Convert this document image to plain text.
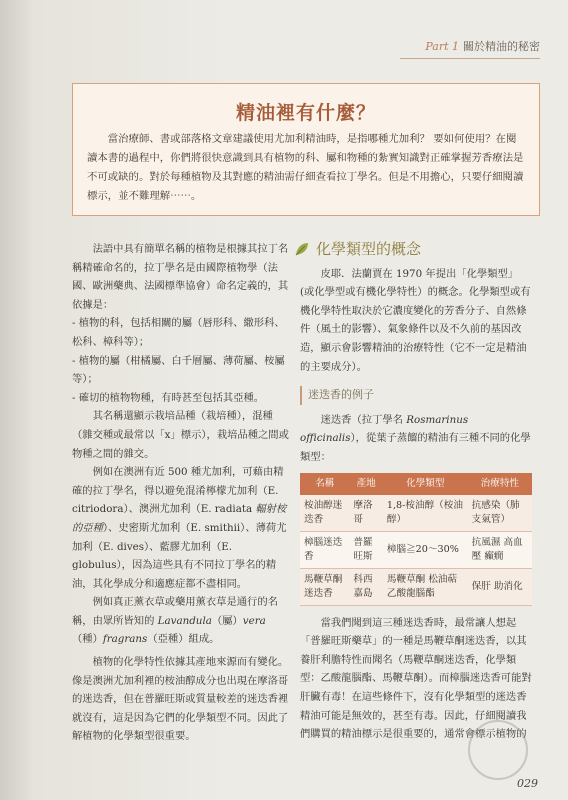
Part 1 關於精油的秘密
精油裡有什麼？
當治療師、書或部落格文章建議使用尤加利精油時，是指哪種尤加利？ 要如何使用？在閱讀本書的過程中，你們將很快意識到具有植物的科、屬和物種的紮實知識對正確掌握芳香療法是不可或缺的。對於每種植物及其對應的精油需仔細查看拉丁學名。但是不用擔心，只要仔細閱讀標示，並不難理解⋯⋯。

法語中具有簡單名稱的植物是根據其拉丁名稱精確命名的，拉丁學名是由國際植物學（法國、歐洲藥典、法國標準協會）命名定義的，其依據是：

- 植物的科，包括相關的屬（唇形科、繖形科、松科、樟科等）；

- 植物的屬（柑橘屬、白千層屬、薄荷屬、桉屬等）；

- 確切的植物物種，有時甚至包括其亞種。

其名稱還顯示栽培品種（栽培種），混種（雜交種或最常以「x」標示），栽培品種之間或物種之間的雜交。

例如在澳洲有近 500 種尤加利，可藉由精確的拉丁學名，得以避免混淆檸檬尤加利（E. citriodora）、澳洲尤加利（E. radiata 輻射桉的亞種）、史密斯尤加利（E. smithii）、薄荷尤加利（E. dives）、藍膠尤加利（E. globulus），因為這些具有不同拉丁學名的精油，其化學成分和適應症都不盡相同。

例如真正薰衣草或藥用薰衣草是通行的名稱，由眾所皆知的 Lavandula（屬）vera（種）fragrans（亞種）組成。

植物的化學特性依據其產地來源而有變化。像是澳洲尤加利裡的桉油醇成分也出現在摩洛哥的迷迭香，但在普羅旺斯或質量較差的迷迭香裡就沒有，這是因為它們的化學類型不同。因此了解植物的化學類型很重要。

化學類型的概念

皮耶．法蘭賈在 1970 年提出「化學類型」(或化學型或有機化學特性）的概念。化學類型或有機化學特性取決於它濃度變化的芳香分子、自然條件（風土的影響）、氣象條件以及不久前的基因改造，顯示會影響精油的治療特性（它不一定是精油的主要成分）。

迷迭香的例子

迷迭香（拉丁學名 Rosmarinus officinalis），從葉子蒸餾的精油有三種不同的化學類型：

名稱	產地	化學類型	治療特性
桉油醇迷迭香	摩洛哥	1,8-桉油醇（桉油醇）	抗感染（肺支氣管）
樟腦迷迭香	普羅旺斯	樟腦≧20～30%	抗風濕 高血壓 癲癇
馬鞭草酮迷迭香	科西嘉島	馬鞭草酮 松油萜 乙酸龍腦酯	保肝 助消化

當我們聞到這三種迷迭香時，最常讓人想起「普羅旺斯藥草」的一種是馬鞭草酮迷迭香，以其養肝利膽特性而聞名（馬鞭草酮迷迭香，化學類型：乙酸龍腦酯、馬鞭草酮）。而樟腦迷迭香可能對肝臟有毒！在這些條件下，沒有化學類型的迷迭香精油可能是無效的，甚至有毒。因此，仔細閱讀我們購買的精油標示是很重要的，通常會標示植物的

029
